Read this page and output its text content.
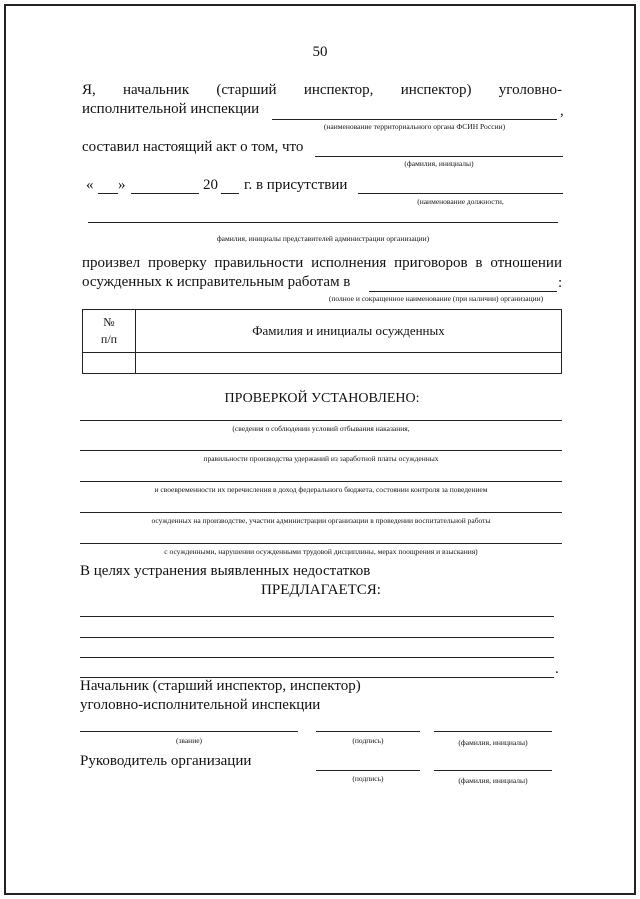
50
Я, начальник (старший инспектор, инспектор) уголовно-
исполнительной инспекции	,
(наименование территориального органа ФСИН России)
составил настоящий акт о том, что
(фамилия, инициалы)
« »	20 г. в присутствии
(наименование должности,
фамилия, инициалы представителей администрации организации)
произвел проверку правильности исполнения приговоров в отношении
осужденных к исправительным работам в	:
(полное и сокращенное наименование (при наличии) организации)
№
п/п	Фамилия и инициалы осужденных

ПРОВЕРКОЙ УСТАНОВЛЕНО:
(сведения о соблюдении условий отбывания наказания,
правильности производства удержаний из заработной платы осужденных
и своевременности их перечисления в доход федерального бюджета, состоянии контроля за поведением
осужденных на производстве, участии администрации организации в проведении воспитательной работы
с осужденными, нарушении осужденными трудовой дисциплины, мерах поощрения и взыскания)
В целях устранения выявленных недостатков
ПРЕДЛАГАЕТСЯ:
.
Начальник (старший инспектор, инспектор)
уголовно-исполнительной инспекции
(звание)	(подпись)	(фамилия, инициалы)
Руководитель организации
(подпись)	(фамилия, инициалы)
